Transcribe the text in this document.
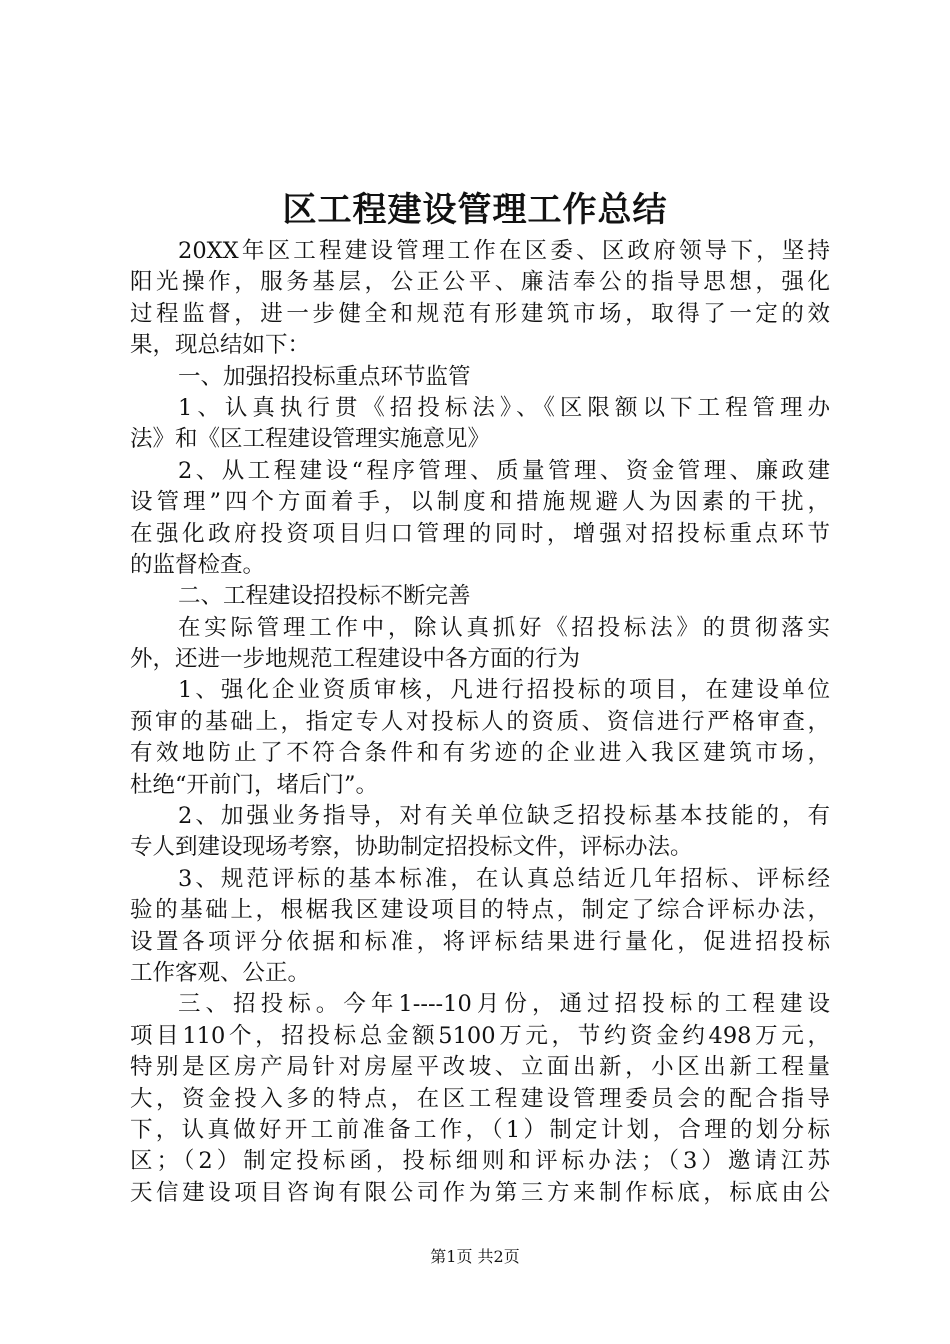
区工程建设管理工作总结
20XX年区工程建设管理工作在区委、区政府领导下，坚持
阳光操作，服务基层，公正公平、廉洁奉公的指导思想，强化
过程监督，进一步健全和规范有形建筑市场，取得了一定的效
果，现总结如下：
一、加强招投标重点环节监管
1、认真执行贯《招投标法》、《区限额以下工程管理办
法》和《区工程建设管理实施意见》
2、从工程建设“程序管理、质量管理、资金管理、廉政建
设管理”四个方面着手，以制度和措施规避人为因素的干扰，
在强化政府投资项目归口管理的同时，增强对招投标重点环节
的监督检查。
二、工程建设招投标不断完善
在实际管理工作中，除认真抓好《招投标法》的贯彻落实
外，还进一步地规范工程建设中各方面的行为
1、强化企业资质审核，凡进行招投标的项目，在建设单位
预审的基础上，指定专人对投标人的资质、资信进行严格审查，
有效地防止了不符合条件和有劣迹的企业进入我区建筑市场，
杜绝“开前门，堵后门”。
2、加强业务指导，对有关单位缺乏招投标基本技能的，有
专人到建设现场考察，协助制定招投标文件，评标办法。
3、规范评标的基本标准，在认真总结近几年招标、评标经
验的基础上，根椐我区建设项目的特点，制定了综合评标办法，
设置各项评分依据和标准，将评标结果进行量化，促进招投标
工作客观、公正。
三、招投标。今年1----10月份，通过招投标的工程建设
项目110个，招投标总金额5100万元，节约资金约498万元，
特别是区房产局针对房屋平改坡、立面出新，小区出新工程量
大，资金投入多的特点，在区工程建设管理委员会的配合指导
下，认真做好开工前准备工作，（1）制定计划，合理的划分标
区；（2）制定投标函，投标细则和评标办法；（3）邀请江苏
天信建设项目咨询有限公司作为第三方来制作标底，标底由公
第1页 共2页
